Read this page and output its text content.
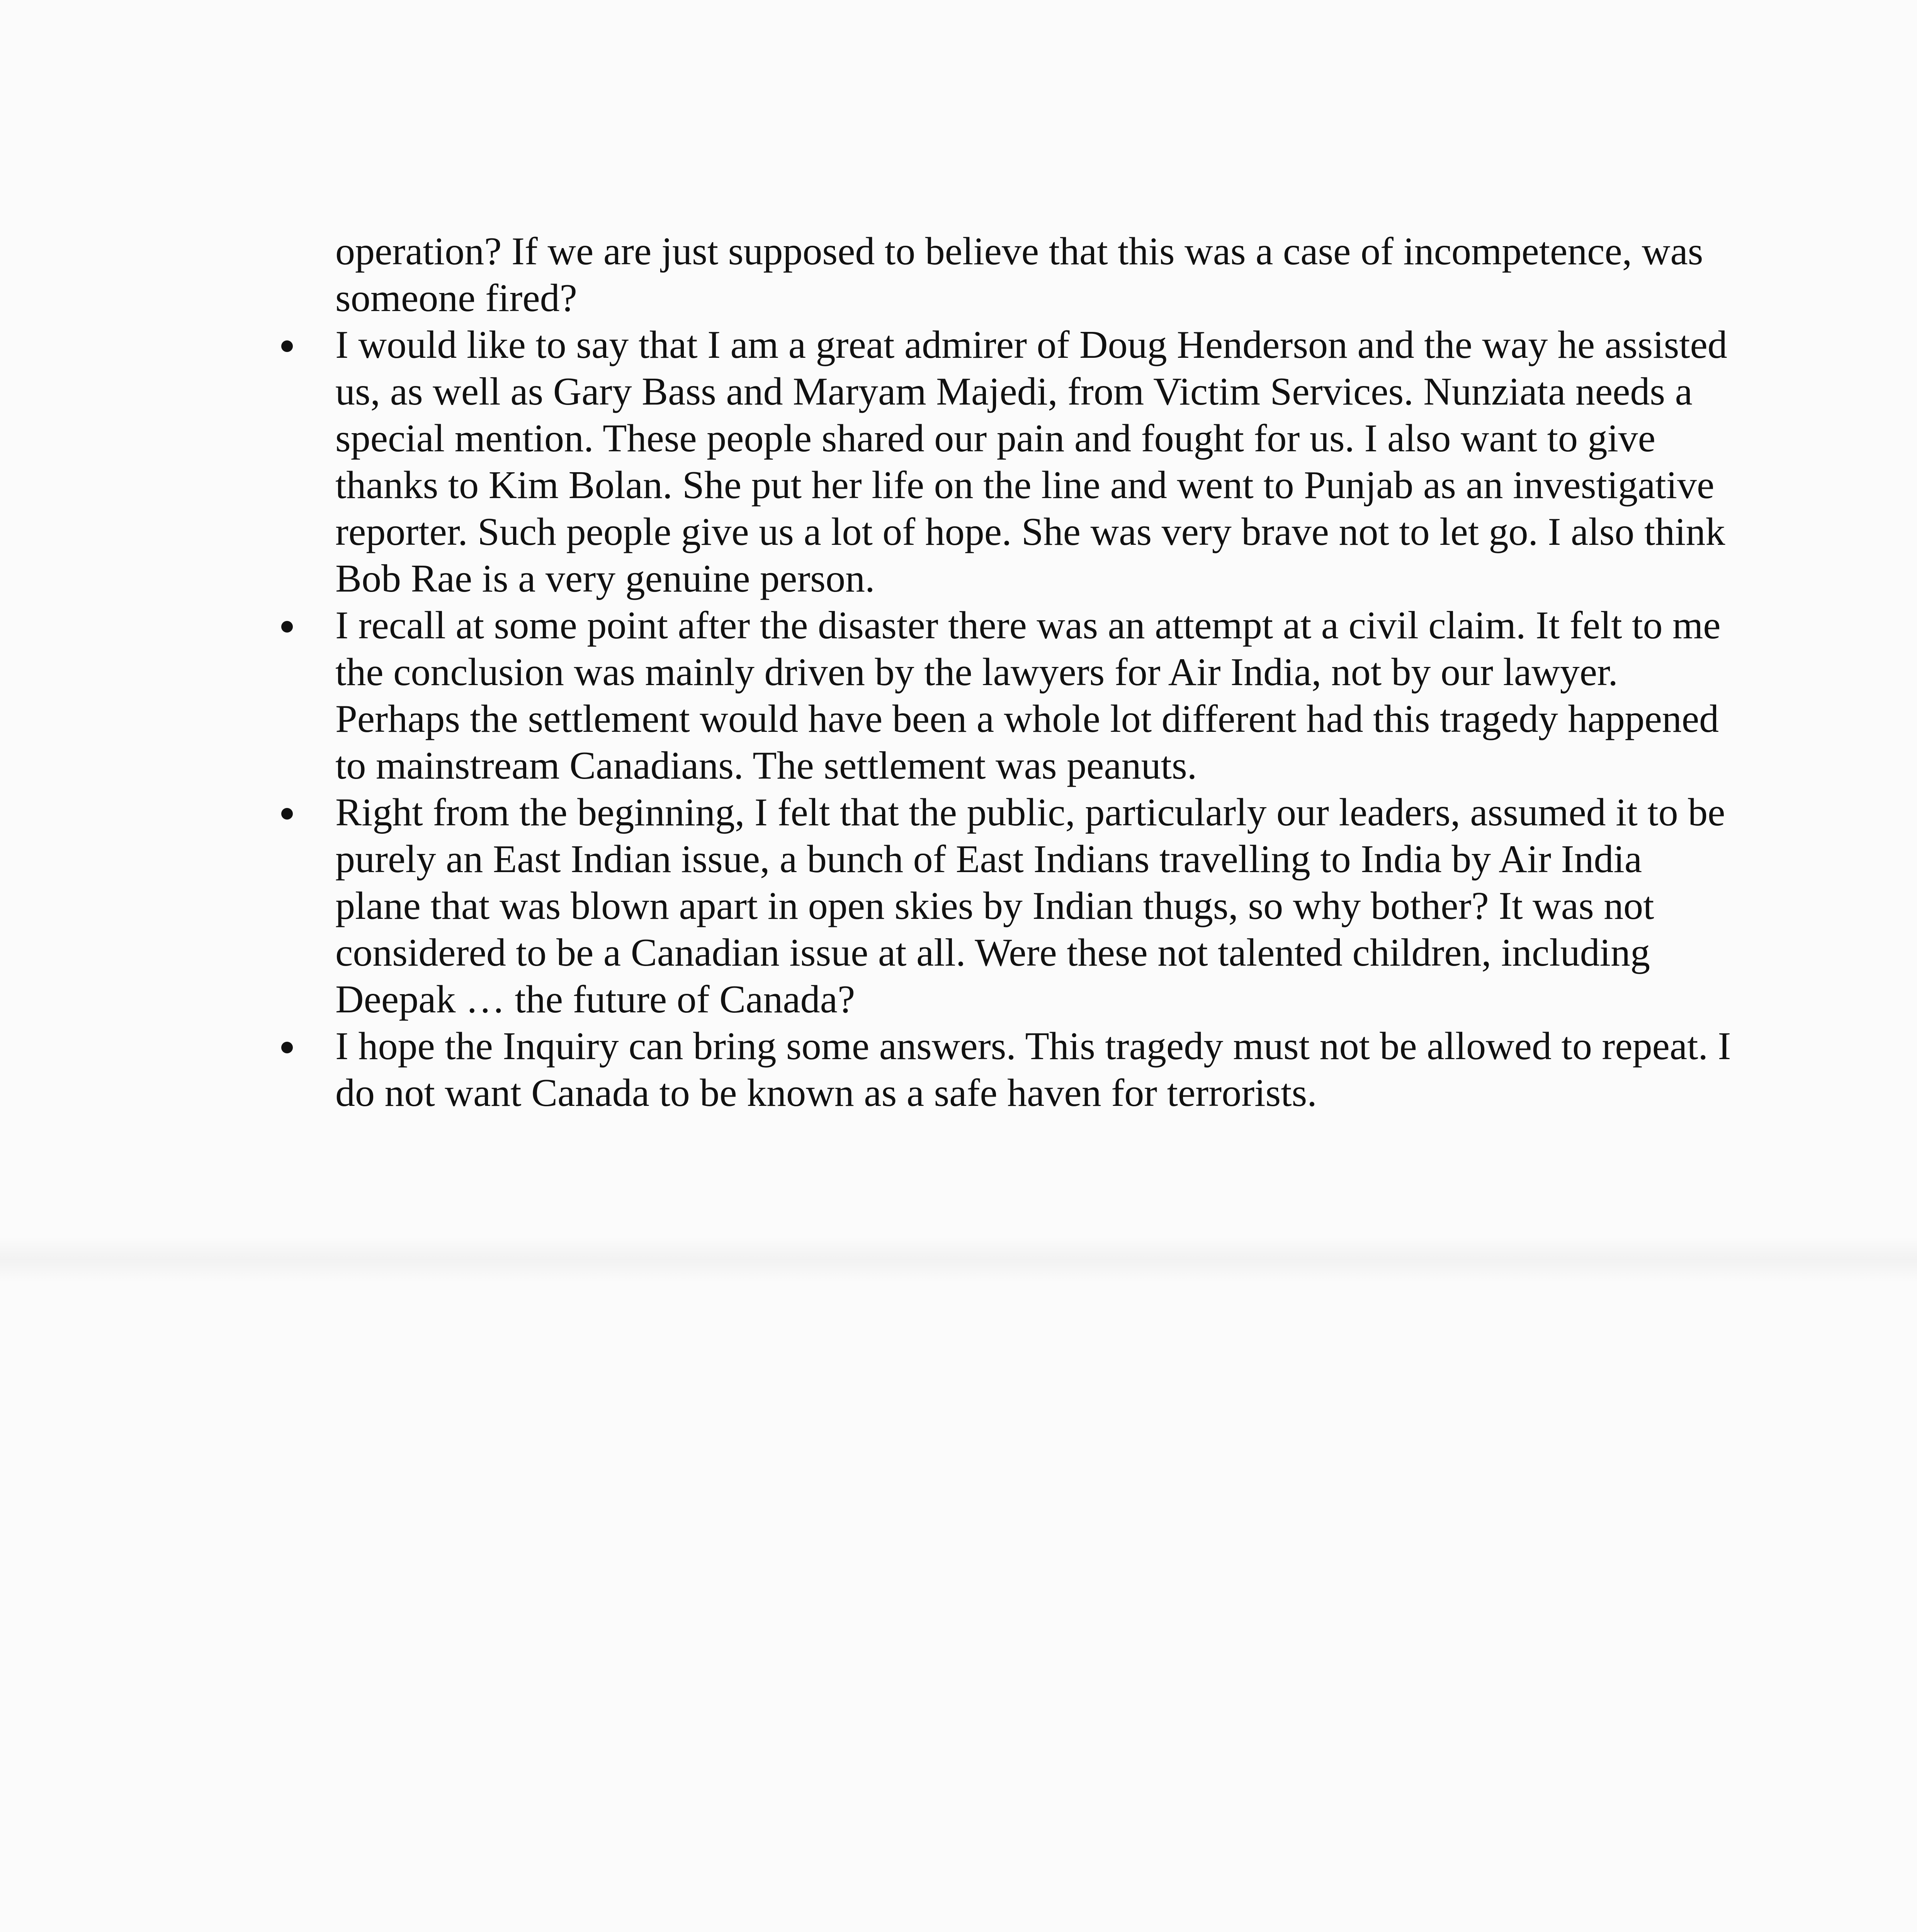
operation? If we are just supposed to believe that this was a case of incompetence, was someone fired?

I would like to say that I am a great admirer of Doug Henderson and the way he assisted us, as well as Gary Bass and Maryam Majedi, from Victim Services. Nunziata needs a special mention. These people shared our pain and fought for us. I also want to give thanks to Kim Bolan. She put her life on the line and went to Punjab as an investigative reporter. Such people give us a lot of hope. She was very brave not to let go. I also think Bob Rae is a very genuine person.
I recall at some point after the disaster there was an attempt at a civil claim. It felt to me the conclusion was mainly driven by the lawyers for Air India, not by our lawyer. Perhaps the settlement would have been a whole lot different had this tragedy happened to mainstream Canadians. The settlement was peanuts.
Right from the beginning, I felt that the public, particularly our leaders, assumed it to be purely an East Indian issue, a bunch of East Indians travelling to India by Air India plane that was blown apart in open skies by Indian thugs, so why bother? It was not considered to be a Canadian issue at all. Were these not talented children, including Deepak … the future of Canada?
I hope the Inquiry can bring some answers. This tragedy must not be allowed to repeat. I do not want Canada to be known as a safe haven for terrorists.
